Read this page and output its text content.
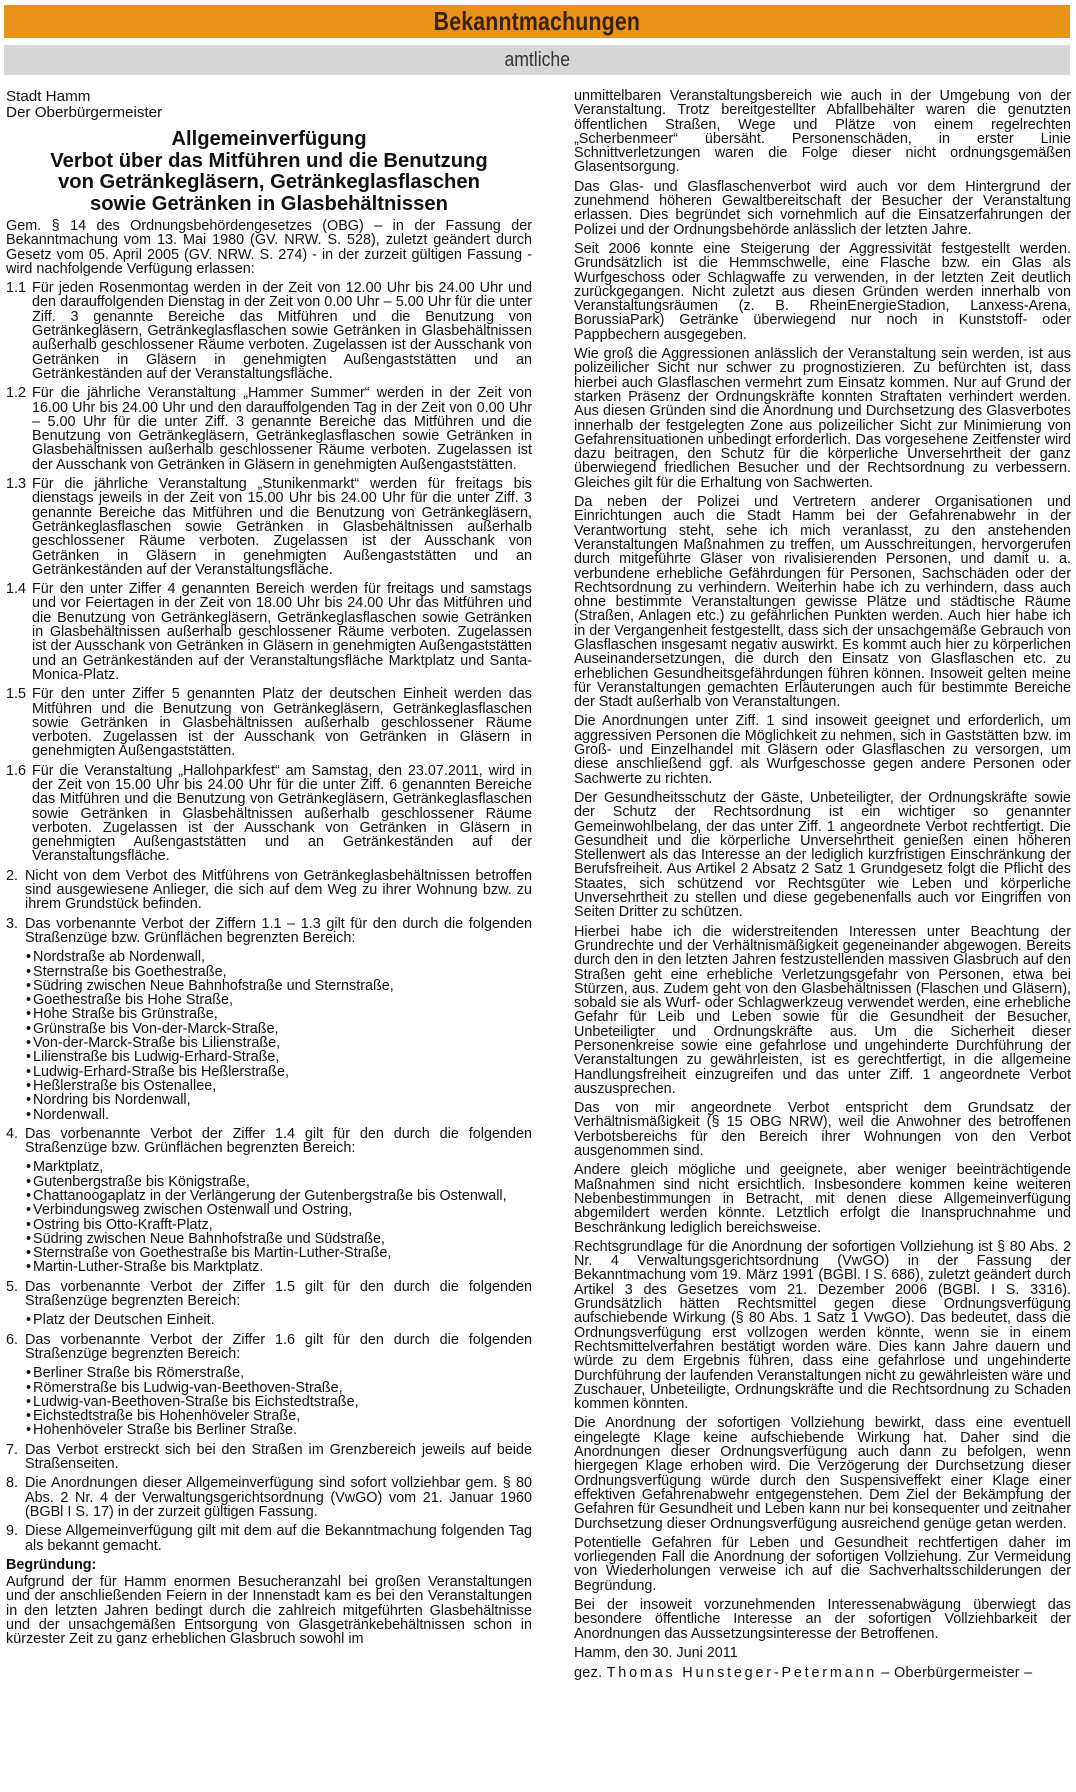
Bekanntmachungen
amtliche
Stadt Hamm
Der Oberbürgermeister
Allgemeinverfügung
Verbot über das Mitführen und die Benutzung
von Getränkegläsern, Getränkeglasflaschen
sowie Getränken in Glasbehältnissen

Gem. § 14 des Ordnungsbehördengesetzes (OBG) – in der Fassung der Bekanntmachung vom 13. Mai 1980 (GV. NRW. S. 528), zuletzt geändert durch Gesetz vom 05. April 2005 (GV. NRW. S. 274) - in der zurzeit gültigen Fassung - wird nachfolgende Verfügung erlassen:

1.1 Für jeden Rosenmontag werden in der Zeit von 12.00 Uhr bis 24.00 Uhr und den darauffolgenden Dienstag in der Zeit von 0.00 Uhr – 5.00 Uhr für die unter Ziff. 3 genannte Bereiche das Mitführen und die Benutzung von Getränkegläsern, Getränkeglasflaschen sowie Getränken in Glasbehältnissen außerhalb geschlossener Räume verboten. Zugelassen ist der Ausschank von Getränken in Gläsern in genehmigten Außengaststätten und an Getränkeständen auf der Veranstaltungsfläche.
1.2 Für die jährliche Veranstaltung „Hammer Summer“ werden in der Zeit von 16.00 Uhr bis 24.00 Uhr und den darauffolgenden Tag in der Zeit von 0.00 Uhr – 5.00 Uhr für die unter Ziff. 3 genannte Bereiche das Mitführen und die Benutzung von Getränkegläsern, Getränkeglasflaschen sowie Getränken in Glasbehältnissen außerhalb geschlossener Räume verboten. Zugelassen ist der Ausschank von Getränken in Gläsern in genehmigten Außengaststätten.
1.3 Für die jährliche Veranstaltung „Stunikenmarkt“ werden für freitags bis dienstags jeweils in der Zeit von 15.00 Uhr bis 24.00 Uhr für die unter Ziff. 3 genannte Bereiche das Mitführen und die Benutzung von Getränkegläsern, Getränkeglasflaschen sowie Getränken in Glasbehältnissen außerhalb geschlossener Räume verboten. Zugelassen ist der Ausschank von Getränken in Gläsern in genehmigten Außengaststätten und an Getränkeständen auf der Veranstaltungsfläche.
1.4 Für den unter Ziffer 4 genannten Bereich werden für freitags und samstags und vor Feiertagen in der Zeit von 18.00 Uhr bis 24.00 Uhr das Mitführen und die Benutzung von Getränkegläsern, Getränkeglasflaschen sowie Getränken in Glasbehältnissen außerhalb geschlossener Räume verboten. Zugelassen ist der Ausschank von Getränken in Gläsern in genehmigten Außengaststätten und an Getränkeständen auf der Veranstaltungsfläche Marktplatz und Santa-Monica-Platz.
1.5 Für den unter Ziffer 5 genannten Platz der deutschen Einheit werden das Mitführen und die Benutzung von Getränkegläsern, Getränkeglasflaschen sowie Getränken in Glasbehältnissen außerhalb geschlossener Räume verboten. Zugelassen ist der Ausschank von Getränken in Gläsern in genehmigten Außengaststätten.
1.6 Für die Veranstaltung „Hallohparkfest“ am Samstag, den 23.07.2011, wird in der Zeit von 15.00 Uhr bis 24.00 Uhr für die unter Ziff. 6 genannten Bereiche das Mitführen und die Benutzung von Getränkegläsern, Getränkeglasflaschen sowie Getränken in Glasbehältnissen außerhalb geschlossener Räume verboten. Zugelassen ist der Ausschank von Getränken in Gläsern in genehmigten Außengaststätten und an Getränkeständen auf der Veranstaltungsfläche.
2. Nicht von dem Verbot des Mitführens von Getränkeglasbehältnissen betroffen sind ausgewiesene Anlieger, die sich auf dem Weg zu ihrer Wohnung bzw. zu ihrem Grundstück befinden.
3. Das vorbenannte Verbot der Ziffern 1.1 – 1.3 gilt für den durch die folgenden Straßenzüge bzw. Grünflächen begrenzten Bereich:
• Nordstraße ab Nordenwall,
• Sternstraße bis Goethestraße,
• Südring zwischen Neue Bahnhofstraße und Sternstraße,
• Goethestraße bis Hohe Straße,
• Hohe Straße bis Grünstraße,
• Grünstraße bis Von-der-Marck-Straße,
• Von-der-Marck-Straße bis Lilienstraße,
• Lilienstraße bis Ludwig-Erhard-Straße,
• Ludwig-Erhard-Straße bis Heßlerstraße,
• Heßlerstraße bis Ostenallee,
• Nordring bis Nordenwall,
• Nordenwall.
4. Das vorbenannte Verbot der Ziffer 1.4 gilt für den durch die folgenden Straßenzüge bzw. Grünflächen begrenzten Bereich:
• Marktplatz,
• Gutenbergstraße bis Königstraße,
• Chattanoogaplatz in der Verlängerung der Gutenbergstraße bis Ostenwall,
• Verbindungsweg zwischen Ostenwall und Ostring,
• Ostring bis Otto-Krafft-Platz,
• Südring zwischen Neue Bahnhofstraße und Südstraße,
• Sternstraße von Goethestraße bis Martin-Luther-Straße,
• Martin-Luther-Straße bis Marktplatz.
5. Das vorbenannte Verbot der Ziffer 1.5 gilt für den durch die folgenden Straßenzüge begrenzten Bereich:
• Platz der Deutschen Einheit.
6. Das vorbenannte Verbot der Ziffer 1.6 gilt für den durch die folgenden Straßenzüge begrenzten Bereich:
• Berliner Straße bis Römerstraße,
• Römerstraße bis Ludwig-van-Beethoven-Straße,
• Ludwig-van-Beethoven-Straße bis Eichstedtstraße,
• Eichstedtstraße bis Hohenhöveler Straße,
• Hohenhöveler Straße bis Berliner Straße.
7. Das Verbot erstreckt sich bei den Straßen im Grenzbereich jeweils auf beide Straßenseiten.
8. Die Anordnungen dieser Allgemeinverfügung sind sofort vollziehbar gem. § 80 Abs. 2 Nr. 4 der Verwaltungsgerichtsordnung (VwGO) vom 21. Januar 1960 (BGBl I S. 17) in der zurzeit gültigen Fassung.
9. Diese Allgemeinverfügung gilt mit dem auf die Bekanntmachung folgenden Tag als bekannt gemacht.
Begründung:

Aufgrund der für Hamm enormen Besucheranzahl bei großen Veranstaltungen und der anschließenden Feiern in der Innenstadt kam es bei den Veranstaltungen in den letzten Jahren bedingt durch die zahlreich mitgeführten Glasbehältnisse und der unsachgemäßen Entsorgung von Glasgetränkebehältnissen schon in kürzester Zeit zu ganz erheblichen Glasbruch sowohl im

unmittelbaren Veranstaltungsbereich wie auch in der Umgebung von der Veranstaltung. Trotz bereitgestellter Abfallbehälter waren die genutzten öffentlichen Straßen, Wege und Plätze von einem regelrechten „Scherbenmeer“ übersäht. Personenschäden, in erster Linie Schnittverletzungen waren die Folge dieser nicht ordnungsgemäßen Glasentsorgung.

Das Glas- und Glasflaschenverbot wird auch vor dem Hintergrund der zunehmend höheren Gewaltbereitschaft der Besucher der Veranstaltung erlassen. Dies begründet sich vornehmlich auf die Einsatzerfahrungen der Polizei und der Ordnungsbehörde anlässlich der letzten Jahre.

Seit 2006 konnte eine Steigerung der Aggressivität festgestellt werden. Grundsätzlich ist die Hemmschwelle, eine Flasche bzw. ein Glas als Wurfgeschoss oder Schlagwaffe zu verwenden, in der letzten Zeit deutlich zurückgegangen. Nicht zuletzt aus diesen Gründen werden innerhalb von Veranstaltungsräumen (z. B. RheinEnergieStadion, Lanxess-Arena, BorussiaPark) Getränke überwiegend nur noch in Kunststoff- oder Pappbechern ausgegeben.

Wie groß die Aggressionen anlässlich der Veranstaltung sein werden, ist aus polizeilicher Sicht nur schwer zu prognostizieren. Zu befürchten ist, dass hierbei auch Glasflaschen vermehrt zum Einsatz kommen. Nur auf Grund der starken Präsenz der Ordnungskräfte konnten Straftaten verhindert werden. Aus diesen Gründen sind die Anordnung und Durchsetzung des Glasverbotes innerhalb der festgelegten Zone aus polizeilicher Sicht zur Minimierung von Gefahrensituationen unbedingt erforderlich. Das vorgesehene Zeitfenster wird dazu beitragen, den Schutz für die körperliche Unversehrtheit der ganz überwiegend friedlichen Besucher und der Rechtsordnung zu verbessern. Gleiches gilt für die Erhaltung von Sachwerten.

Da neben der Polizei und Vertretern anderer Organisationen und Einrichtungen auch die Stadt Hamm bei der Gefahrenabwehr in der Verantwortung steht, sehe ich mich veranlasst, zu den anstehenden Veranstaltungen Maßnahmen zu treffen, um Ausschreitungen, hervorgerufen durch mitgeführte Gläser von rivalisierenden Personen, und damit u. a. verbundene erhebliche Gefährdungen für Personen, Sachschäden oder der Rechtsordnung zu verhindern. Weiterhin habe ich zu verhindern, dass auch ohne bestimmte Veranstaltungen gewisse Plätze und städtische Räume (Straßen, Anlagen etc.) zu gefährlichen Punkten werden. Auch hier habe ich in der Vergangenheit festgestellt, dass sich der unsachgemäße Gebrauch von Glasflaschen insgesamt negativ auswirkt. Es kommt auch hier zu körperlichen Auseinandersetzungen, die durch den Einsatz von Glasflaschen etc. zu erheblichen Gesundheitsgefährdungen führen können. Insoweit gelten meine für Veranstaltungen gemachten Erläuterungen auch für bestimmte Bereiche der Stadt außerhalb von Veranstaltungen.

Die Anordnungen unter Ziff. 1 sind insoweit geeignet und erforderlich, um aggressiven Personen die Möglichkeit zu nehmen, sich in Gaststätten bzw. im Groß- und Einzelhandel mit Gläsern oder Glasflaschen zu versorgen, um diese anschließend ggf. als Wurfgeschosse gegen andere Personen oder Sachwerte zu richten.

Der Gesundheitsschutz der Gäste, Unbeteiligter, der Ordnungskräfte sowie der Schutz der Rechtsordnung ist ein wichtiger so genannter Gemeinwohlbelang, der das unter Ziff. 1 angeordnete Verbot rechtfertigt. Die Gesundheit und die körperliche Unversehrtheit genießen einen höheren Stellenwert als das Interesse an der lediglich kurzfristigen Einschränkung der Berufsfreiheit. Aus Artikel 2 Absatz 2 Satz 1 Grundgesetz folgt die Pflicht des Staates, sich schützend vor Rechtsgüter wie Leben und körperliche Unversehrtheit zu stellen und diese gegebenenfalls auch vor Eingriffen von Seiten Dritter zu schützen.

Hierbei habe ich die widerstreitenden Interessen unter Beachtung der Grundrechte und der Verhältnismäßigkeit gegeneinander abgewogen. Bereits durch den in den letzten Jahren festzustellenden massiven Glasbruch auf den Straßen geht eine erhebliche Verletzungsgefahr von Personen, etwa bei Stürzen, aus. Zudem geht von den Glasbehältnissen (Flaschen und Gläsern), sobald sie als Wurf- oder Schlagwerkzeug verwendet werden, eine erhebliche Gefahr für Leib und Leben sowie für die Gesundheit der Besucher, Unbeteiligter und Ordnungskräfte aus. Um die Sicherheit dieser Personenkreise sowie eine gefahrlose und ungehinderte Durchführung der Veranstaltungen zu gewährleisten, ist es gerechtfertigt, in die allgemeine Handlungsfreiheit einzugreifen und das unter Ziff. 1 angeordnete Verbot auszusprechen.

Das von mir angeordnete Verbot entspricht dem Grundsatz der Verhältnismäßigkeit (§ 15 OBG NRW), weil die Anwohner des betroffenen Verbotsbereichs für den Bereich ihrer Wohnungen von den Verbot ausgenommen sind.

Andere gleich mögliche und geeignete, aber weniger beeinträchtigende Maßnahmen sind nicht ersichtlich. Insbesondere kommen keine weiteren Nebenbestimmungen in Betracht, mit denen diese Allgemeinverfügung abgemildert werden könnte. Letztlich erfolgt die Inanspruchnahme und Beschränkung lediglich bereichsweise.

Rechtsgrundlage für die Anordnung der sofortigen Vollziehung ist § 80 Abs. 2 Nr. 4 Verwaltungsgerichtsordnung (VwGO) in der Fassung der Bekanntmachung vom 19. März 1991 (BGBl. I S. 686), zuletzt geändert durch Artikel 3 des Gesetzes vom 21. Dezember 2006 (BGBl. I S. 3316). Grundsätzlich hätten Rechtsmittel gegen diese Ordnungsverfügung aufschiebende Wirkung (§ 80 Abs. 1 Satz 1 VwGO). Das bedeutet, dass die Ordnungsverfügung erst vollzogen werden könnte, wenn sie in einem Rechtsmittelverfahren bestätigt worden wäre. Dies kann Jahre dauern und würde zu dem Ergebnis führen, dass eine gefahrlose und ungehinderte Durchführung der laufenden Veranstaltungen nicht zu gewährleisten wäre und Zuschauer, Unbeteiligte, Ordnungskräfte und die Rechtsordnung zu Schaden kommen könnten.

Die Anordnung der sofortigen Vollziehung bewirkt, dass eine eventuell eingelegte Klage keine aufschiebende Wirkung hat. Daher sind die Anordnungen dieser Ordnungsverfügung auch dann zu befolgen, wenn hiergegen Klage erhoben wird. Die Verzögerung der Durchsetzung dieser Ordnungsverfügung würde durch den Suspensiveffekt einer Klage einer effektiven Gefahrenabwehr entgegenstehen. Dem Ziel der Bekämpfung der Gefahren für Gesundheit und Leben kann nur bei konsequenter und zeitnaher Durchsetzung dieser Ordnungsverfügung ausreichend genüge getan werden.

Potentielle Gefahren für Leben und Gesundheit rechtfertigen daher im vorliegenden Fall die Anordnung der sofortigen Vollziehung. Zur Vermeidung von Wiederholungen verweise ich auf die Sachverhaltsschilderungen der Begründung.

Bei der insoweit vorzunehmenden Interessenabwägung überwiegt das besondere öffentliche Interesse an der sofortigen Vollziehbarkeit der Anordnungen das Aussetzungsinteresse der Betroffenen.

Hamm, den 30. Juni 2011

gez. Thomas Hunsteger-Petermann – Oberbürgermeister –
